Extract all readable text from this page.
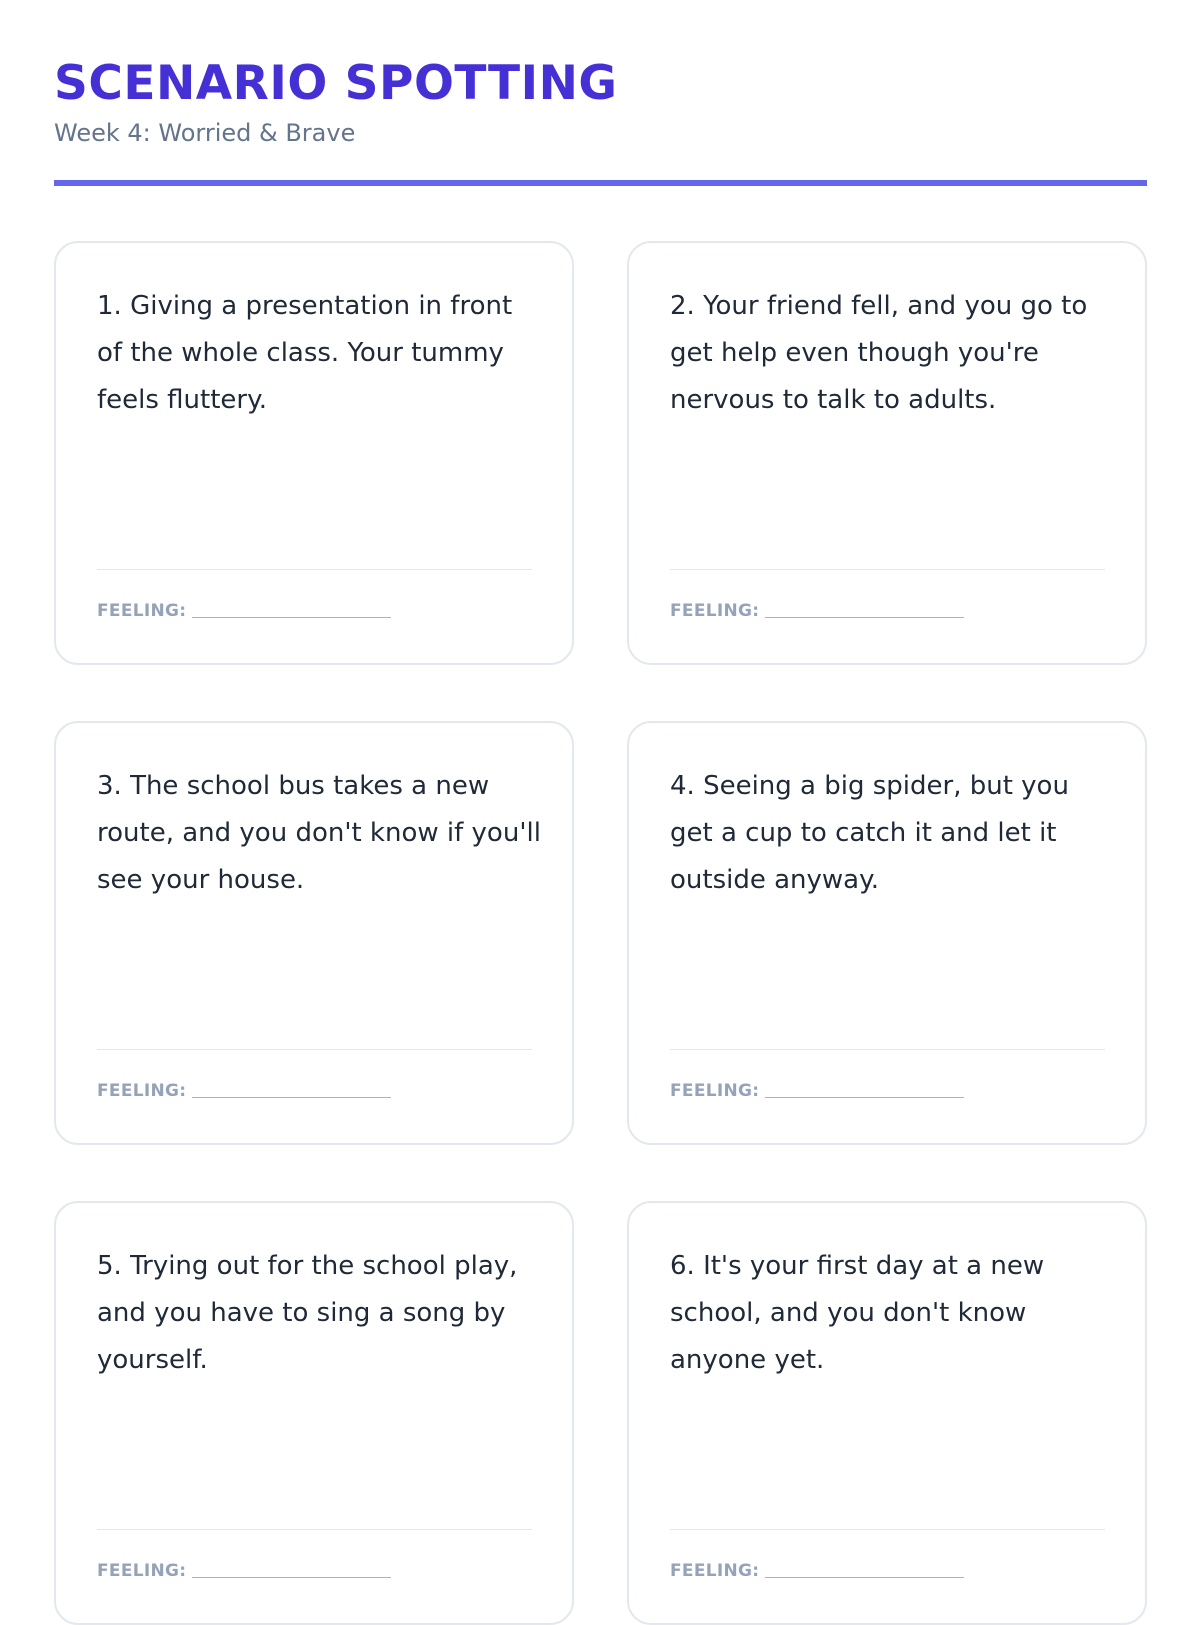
SCENARIO SPOTTING
Week 4: Worried & Brave
1. Giving a presentation in front of the whole class. Your tummy feels fluttery.
FEELING:
2. Your friend fell, and you go to get help even though you're nervous to talk to adults.
FEELING:
3. The school bus takes a new route, and you don't know if you'll see your house.
FEELING:
4. Seeing a big spider, but you get a cup to catch it and let it outside anyway.
FEELING:
5. Trying out for the school play, and you have to sing a song by yourself.
FEELING:
6. It's your first day at a new school, and you don't know anyone yet.
FEELING:
